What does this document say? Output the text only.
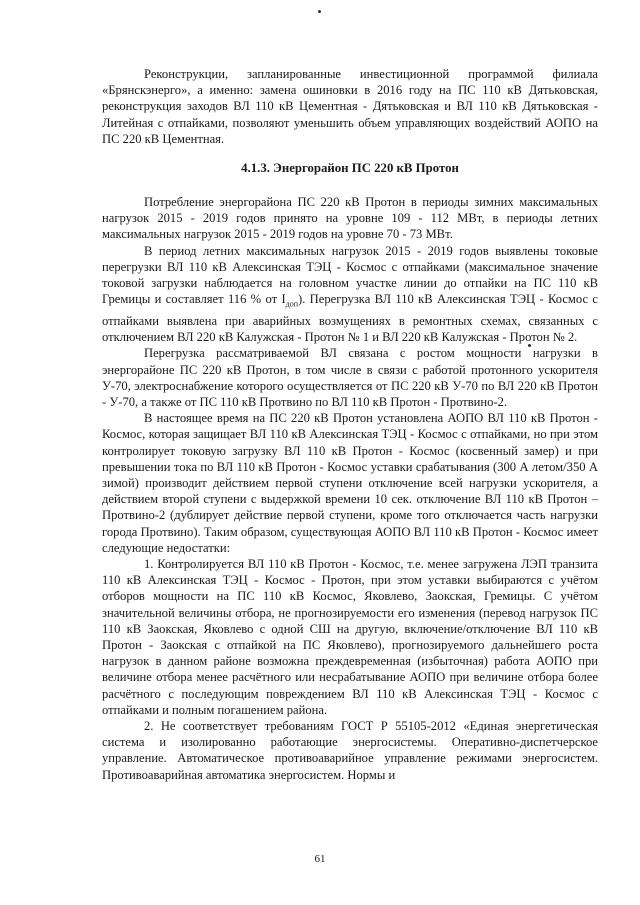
Реконструкции, запланированные инвестиционной программой филиала «Брянскэнерго», а именно: замена ошиновки в 2016 году на ПС 110 кВ Дятьковская, реконструкция заходов ВЛ 110 кВ Цементная - Дятьковская и ВЛ 110 кВ Дятьковская - Литейная с отпайками, позволяют уменьшить объем управляющих воздействий АОПО на ПС 220 кВ Цементная.

4.1.3. Энергорайон ПС 220 кВ Протон

Потребление энергорайона ПС 220 кВ Протон в периоды зимних максимальных нагрузок 2015 - 2019 годов принято на уровне 109 - 112 МВт, в периоды летних максимальных нагрузок 2015 - 2019 годов на уровне 70 - 73 МВт.

В период летних максимальных нагрузок 2015 - 2019 годов выявлены токовые перегрузки ВЛ 110 кВ Алексинская ТЭЦ - Космос с отпайками (максимальное значение токовой загрузки наблюдается на головном участке линии до отпайки на ПС 110 кВ Гремицы и составляет 116 % от $I_{доп}$). Перегрузка ВЛ 110 кВ Алексинская ТЭЦ - Космос с отпайками выявлена при аварийных возмущениях в ремонтных схемах, связанных с отключением ВЛ 220 кВ Калужская - Протон № 1 и ВЛ 220 кВ Калужская - Протон № 2.

Перегрузка рассматриваемой ВЛ связана с ростом мощности нагрузки в энергорайоне ПС 220 кВ Протон, в том числе в связи с работой протонного ускорителя У-70, электроснабжение которого осуществляется от ПС 220 кВ У-70 по ВЛ 220 кВ Протон - У-70, а также от ПС 110 кВ Протвино по ВЛ 110 кВ Протон - Протвино-2.

В настоящее время на ПС 220 кВ Протон установлена АОПО ВЛ 110 кВ Протон - Космос, которая защищает ВЛ 110 кВ Алексинская ТЭЦ - Космос с отпайками, но при этом контролирует токовую загрузку ВЛ 110 кВ Протон - Космос (косвенный замер) и при превышении тока по ВЛ 110 кВ Протон - Космос уставки срабатывания (300 А летом/350 А зимой) производит действием первой ступени отключение всей нагрузки ускорителя, а действием второй ступени с выдержкой времени 10 сек. отключение ВЛ 110 кВ Протон – Протвино-2 (дублирует действие первой ступени, кроме того отключается часть нагрузки города Протвино). Таким образом, существующая АОПО ВЛ 110 кВ Протон - Космос имеет следующие недостатки:

1. Контролируется ВЛ 110 кВ Протон - Космос, т.е. менее загружена ЛЭП транзита 110 кВ Алексинская ТЭЦ - Космос - Протон, при этом уставки выбираются с учётом отборов мощности на ПС 110 кВ Космос, Яковлево, Заокская, Гремицы. С учётом значительной величины отбора, не прогнозируемости его изменения (перевод нагрузок ПС 110 кВ Заокская, Яковлево с одной СШ на другую, включение/отключение ВЛ 110 кВ Протон - Заокская с отпайкой на ПС Яковлево), прогнозируемого дальнейшего роста нагрузок в данном районе возможна преждевременная (избыточная) работа АОПО при величине отбора менее расчётного или несрабатывание АОПО при величине отбора более расчётного с последующим повреждением ВЛ 110 кВ Алексинская ТЭЦ - Космос с отпайками и полным погашением района.

2. Не соответствует требованиям ГОСТ Р 55105-2012 «Единая энергетическая система и изолированно работающие энергосистемы. Оперативно-диспетчерское управление. Автоматическое противоаварийное управление режимами энергосистем. Противоаварийная автоматика энергосистем. Нормы и

61
